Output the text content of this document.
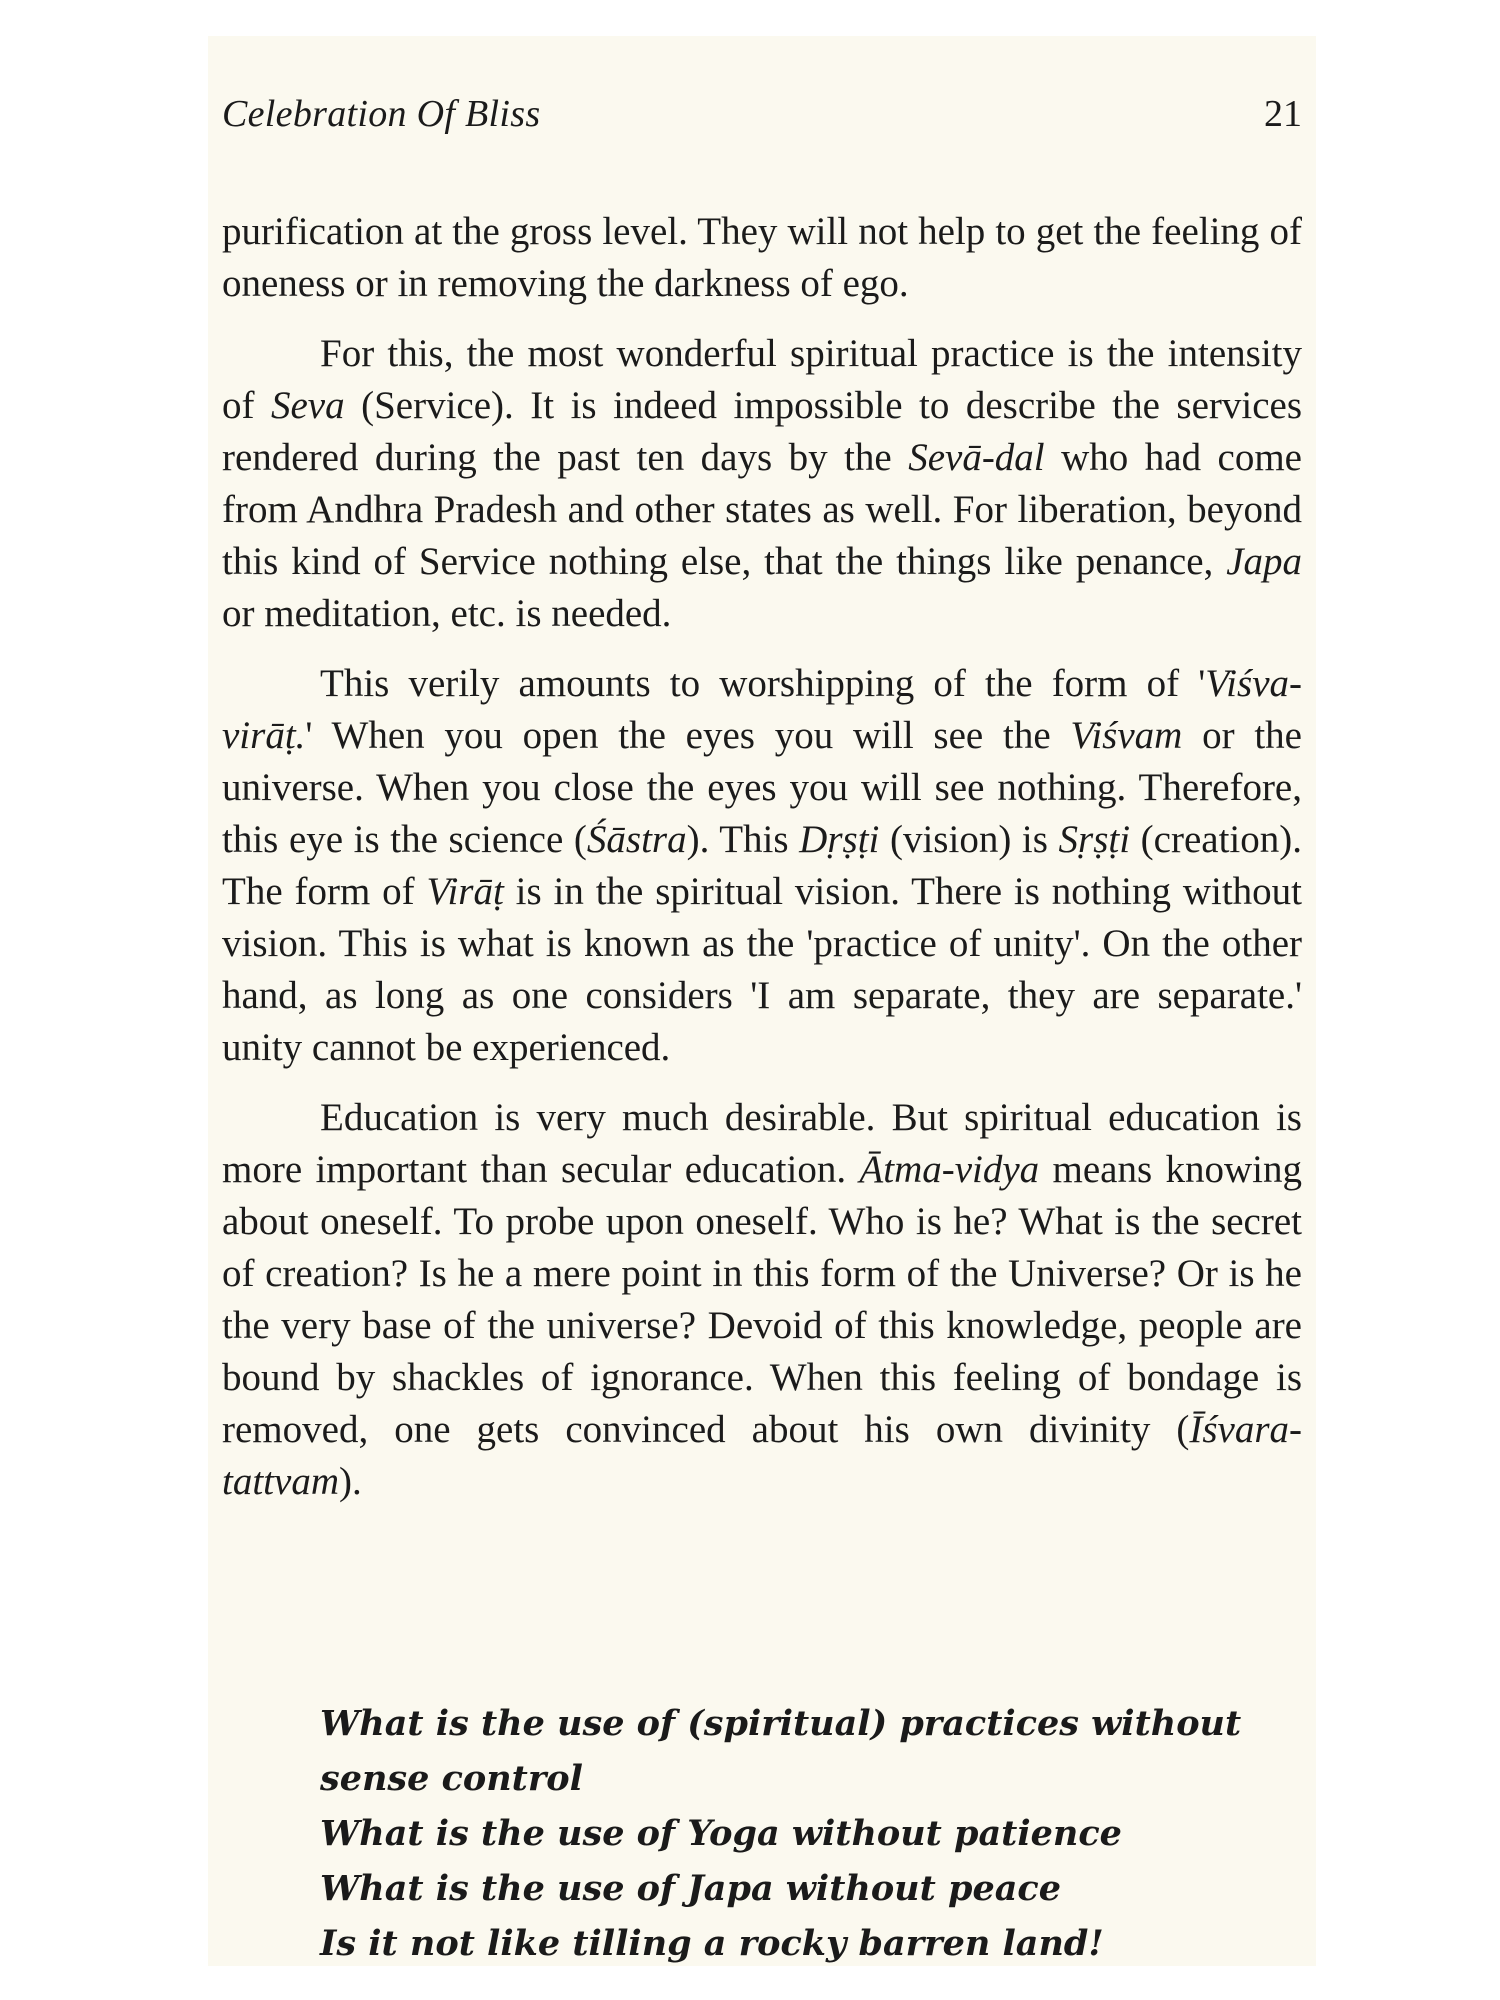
Celebration Of Bliss	21

purification at the gross level. They will not help to get the feeling of oneness or in removing the darkness of ego.

For this, the most wonderful spiritual practice is the intensity of Seva (Service). It is indeed impossible to describe the services rendered during the past ten days by the Sevā-dal who had come from Andhra Pradesh and other states as well. For liberation, beyond this kind of Service nothing else, that the things like penance, Japa or meditation, etc. is needed.

This verily amounts to worshipping of the form of 'Viśva-virāṭ.' When you open the eyes you will see the Viśvam or the universe. When you close the eyes you will see nothing. Therefore, this eye is the science (Śāstra). This Dṛṣṭi (vision) is Sṛṣṭi (creation). The form of Virāṭ is in the spiritual vision. There is nothing without vision. This is what is known as the 'practice of unity'. On the other hand, as long as one considers 'I am separate, they are separate.' unity cannot be experienced.

Education is very much desirable. But spiritual education is more important than secular education. Ātma-vidya means knowing about oneself. To probe upon oneself. Who is he? What is the secret of creation? Is he a mere point in this form of the Universe? Or is he the very base of the universe? Devoid of this knowledge, people are bound by shackles of ignorance. When this feeling of bondage is removed, one gets convinced about his own divinity (Īśvara-tattvam).

What is the use of (spiritual) practices without
sense control
What is the use of Yoga without patience
What is the use of Japa without peace
Is it not like tilling a rocky barren land!
